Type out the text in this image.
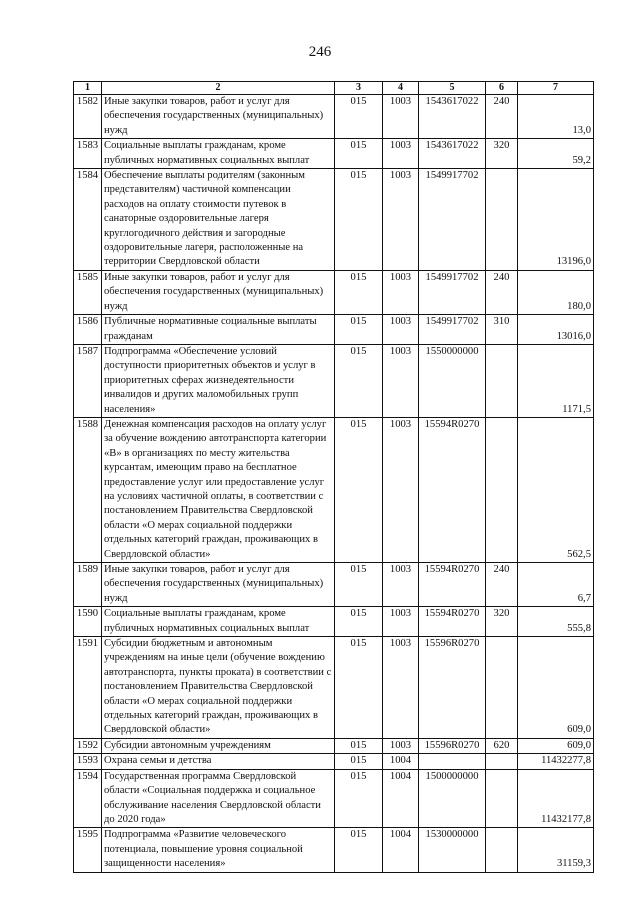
246
1	2	3	4	5	6	7
1582	Иные закупки товаров, работ и услуг для обеспечения государственных (муниципальных) нужд	015	1003	1543617022	240	13,0
1583	Социальные выплаты гражданам, кроме публичных нормативных социальных выплат	015	1003	1543617022	320	59,2
1584	Обеспечение выплаты родителям (законным представителям) частичной компенсации расходов на оплату стоимости путевок в санаторные оздоровительные лагеря круглогодичного действия и загородные оздоровительные лагеря, расположенные на территории Свердловской области	015	1003	1549917702		13196,0
1585	Иные закупки товаров, работ и услуг для обеспечения государственных (муниципальных) нужд	015	1003	1549917702	240	180,0
1586	Публичные нормативные социальные выплаты гражданам	015	1003	1549917702	310	13016,0
1587	Подпрограмма «Обеспечение условий доступности приоритетных объектов и услуг в приоритетных сферах жизнедеятельности инвалидов и других маломобильных групп населения»	015	1003	1550000000		1171,5
1588	Денежная компенсация расходов на оплату услуг за обучение вождению автотранспорта категории «В» в организациях по месту жительства курсантам, имеющим право на бесплатное предоставление услуг или предоставление услуг на условиях частичной оплаты, в соответствии с постановлением Правительства Свердловской области «О мерах социальной поддержки отдельных категорий граждан, проживающих в Свердловской области»	015	1003	15594R0270		562,5
1589	Иные закупки товаров, работ и услуг для обеспечения государственных (муниципальных) нужд	015	1003	15594R0270	240	6,7
1590	Социальные выплаты гражданам, кроме публичных нормативных социальных выплат	015	1003	15594R0270	320	555,8
1591	Субсидии бюджетным и автономным учреждениям на иные цели (обучение вождению автотранспорта, пункты проката) в соответствии с постановлением Правительства Свердловской области «О мерах социальной поддержки отдельных категорий граждан, проживающих в Свердловской области»	015	1003	15596R0270		609,0
1592	Субсидии автономным учреждениям	015	1003	15596R0270	620	609,0
1593	Охрана семьи и детства	015	1004			11432277,8
1594	Государственная программа Свердловской области «Социальная поддержка и социальное обслуживание населения Свердловской области до 2020 года»	015	1004	1500000000		11432177,8
1595	Подпрограмма «Развитие человеческого потенциала, повышение уровня социальной защищенности населения»	015	1004	1530000000		31159,3
